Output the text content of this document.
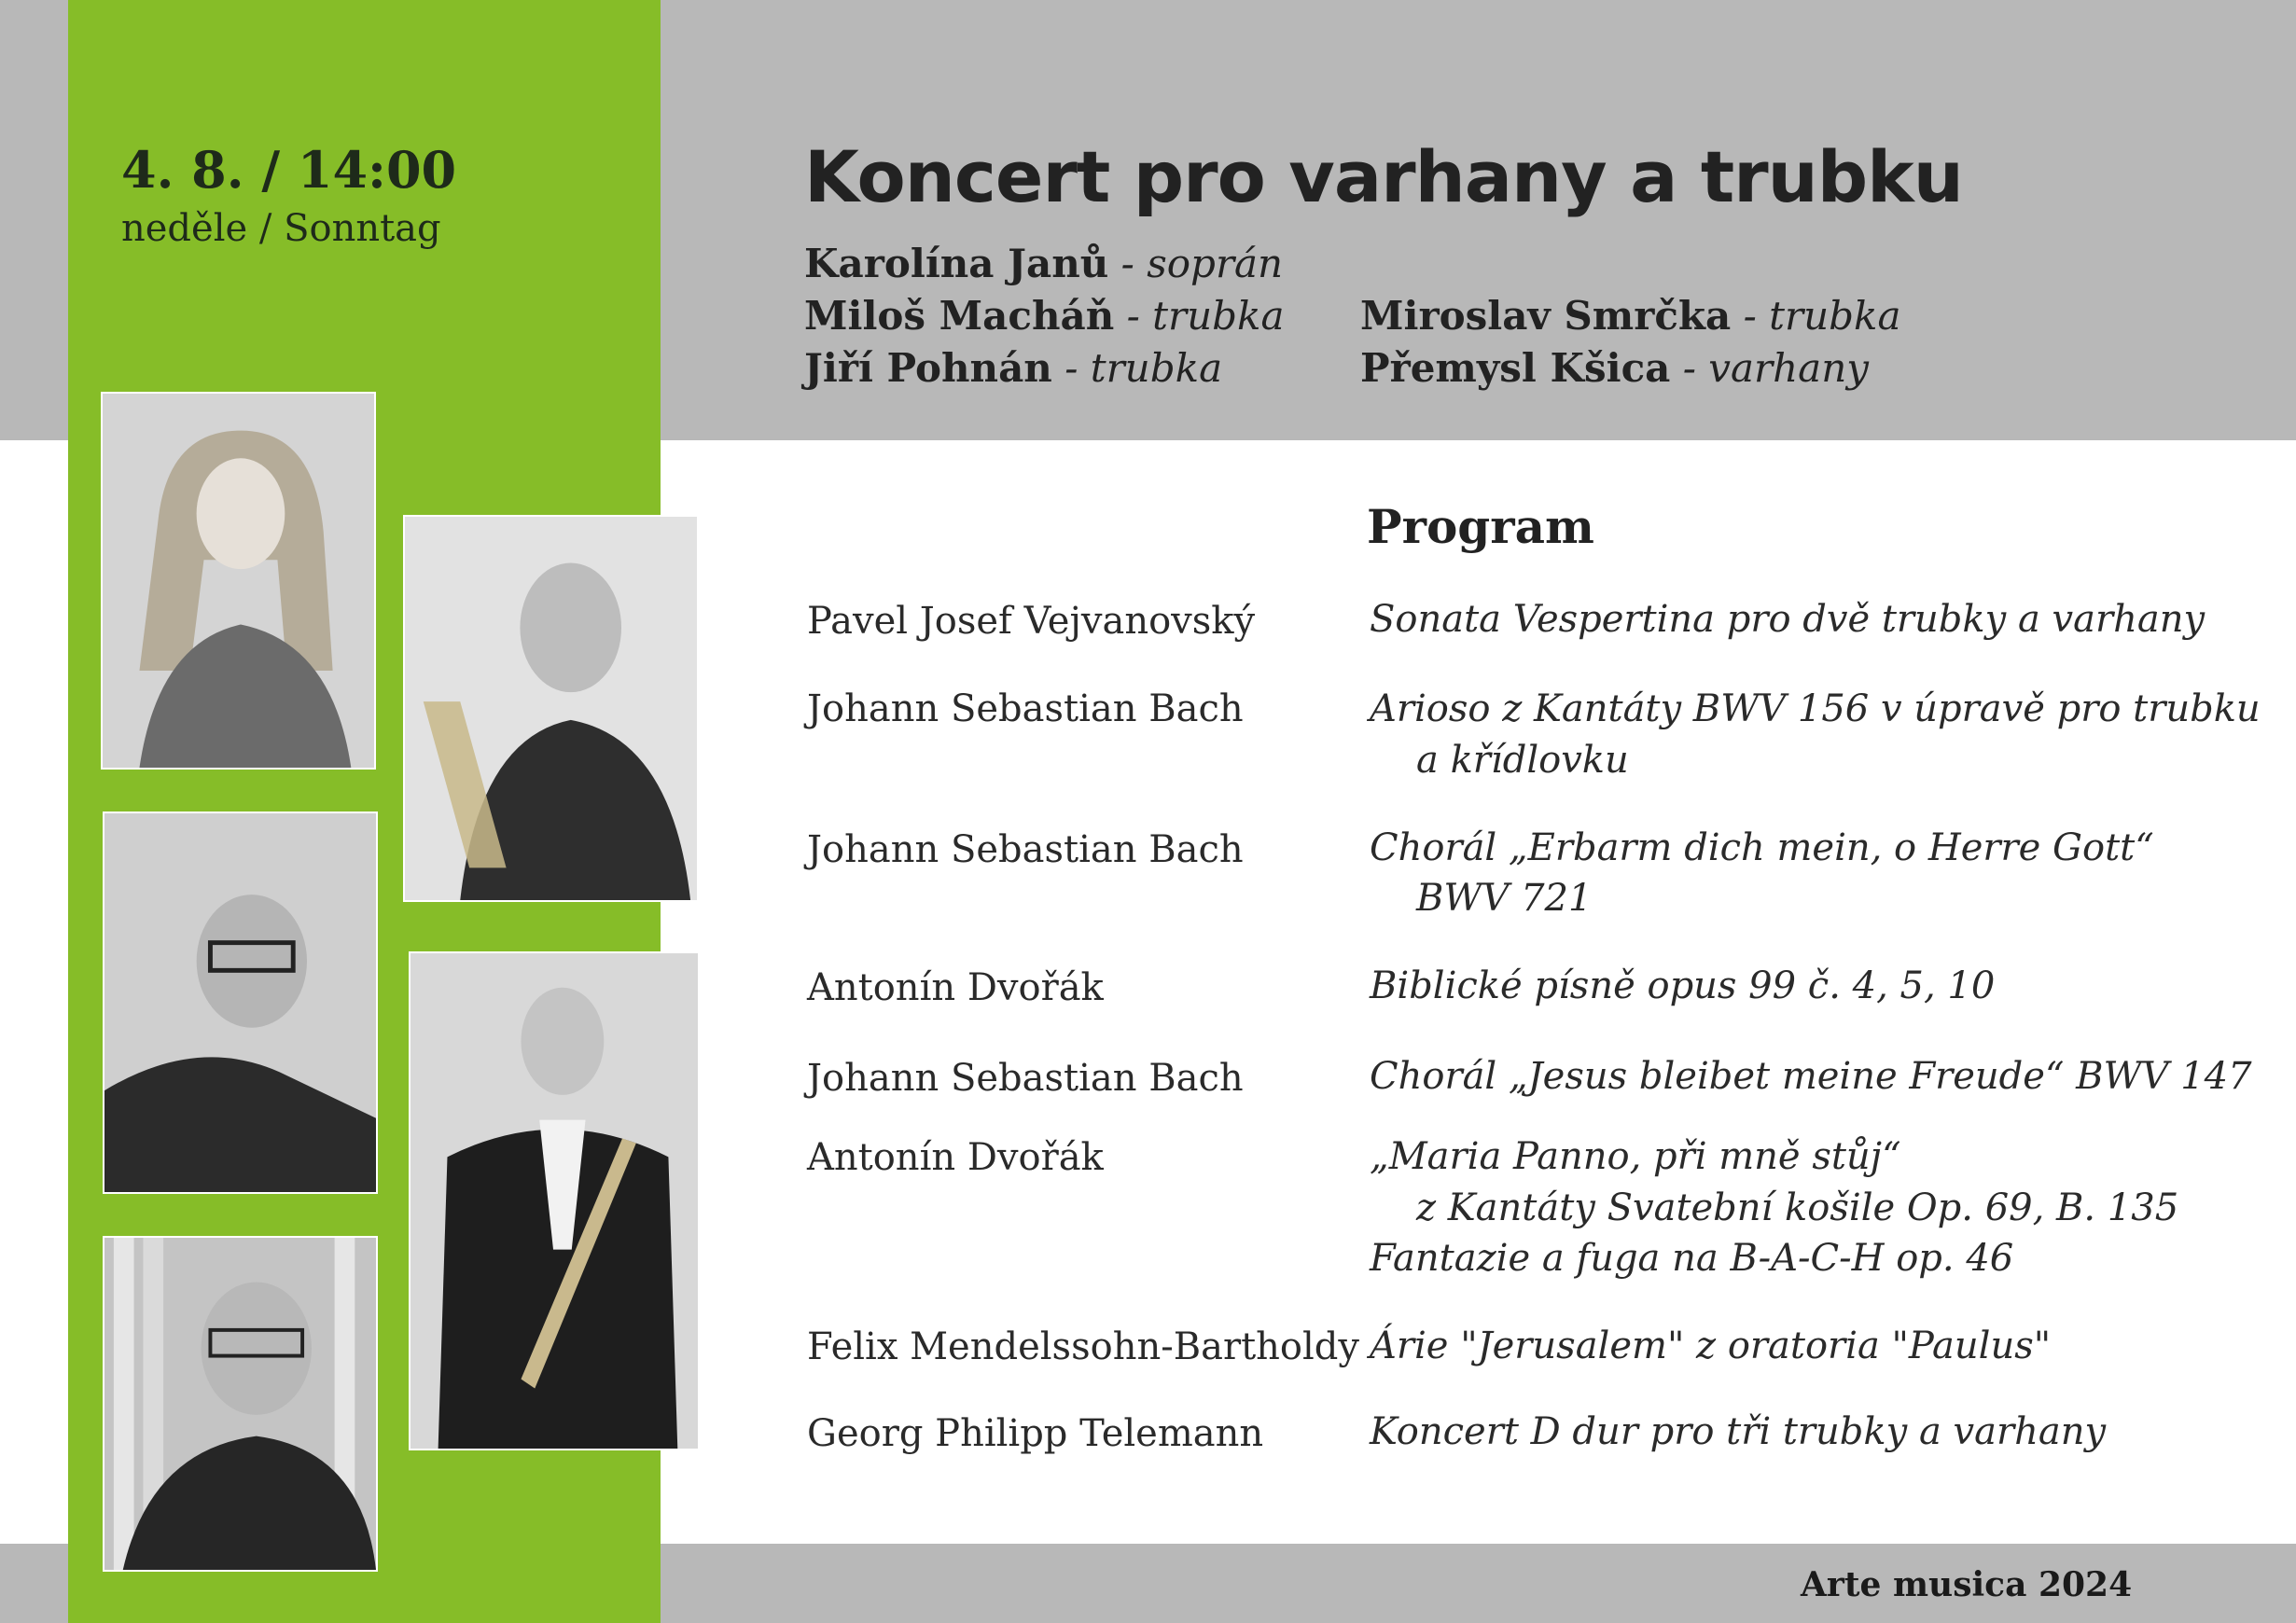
4. 8. / 14:00
neděle / Sonntag
Koncert pro varhany a trubku
Karolína Janů - soprán
Miloš Macháň - trubka
Jiří Pohnán - trubka
Miroslav Smrčka - trubka
Přemysl Kšica - varhany
Program
Pavel Josef Vejvanovský
Johann Sebastian Bach
Johann Sebastian Bach
Antonín Dvořák
Johann Sebastian Bach
Antonín Dvořák
Felix Mendelssohn-Bartholdy
Georg Philipp Telemann
Sonata Vespertina pro dvě trubky a varhany
Arioso z Kantáty BWV 156 v úpravě pro trubku
a křídlovku
Chorál „Erbarm dich mein, o Herre Gott“
BWV 721
Biblické písně opus 99 č. 4, 5, 10
Chorál „Jesus bleibet meine Freude“ BWV 147
„Maria Panno, při mně stůj“
z Kantáty Svatební košile Op. 69, B. 135
Fantazie a fuga na B-A-C-H op. 46
Árie "Jerusalem" z oratoria "Paulus"
Koncert D dur pro tři trubky a varhany
Arte musica 2024
